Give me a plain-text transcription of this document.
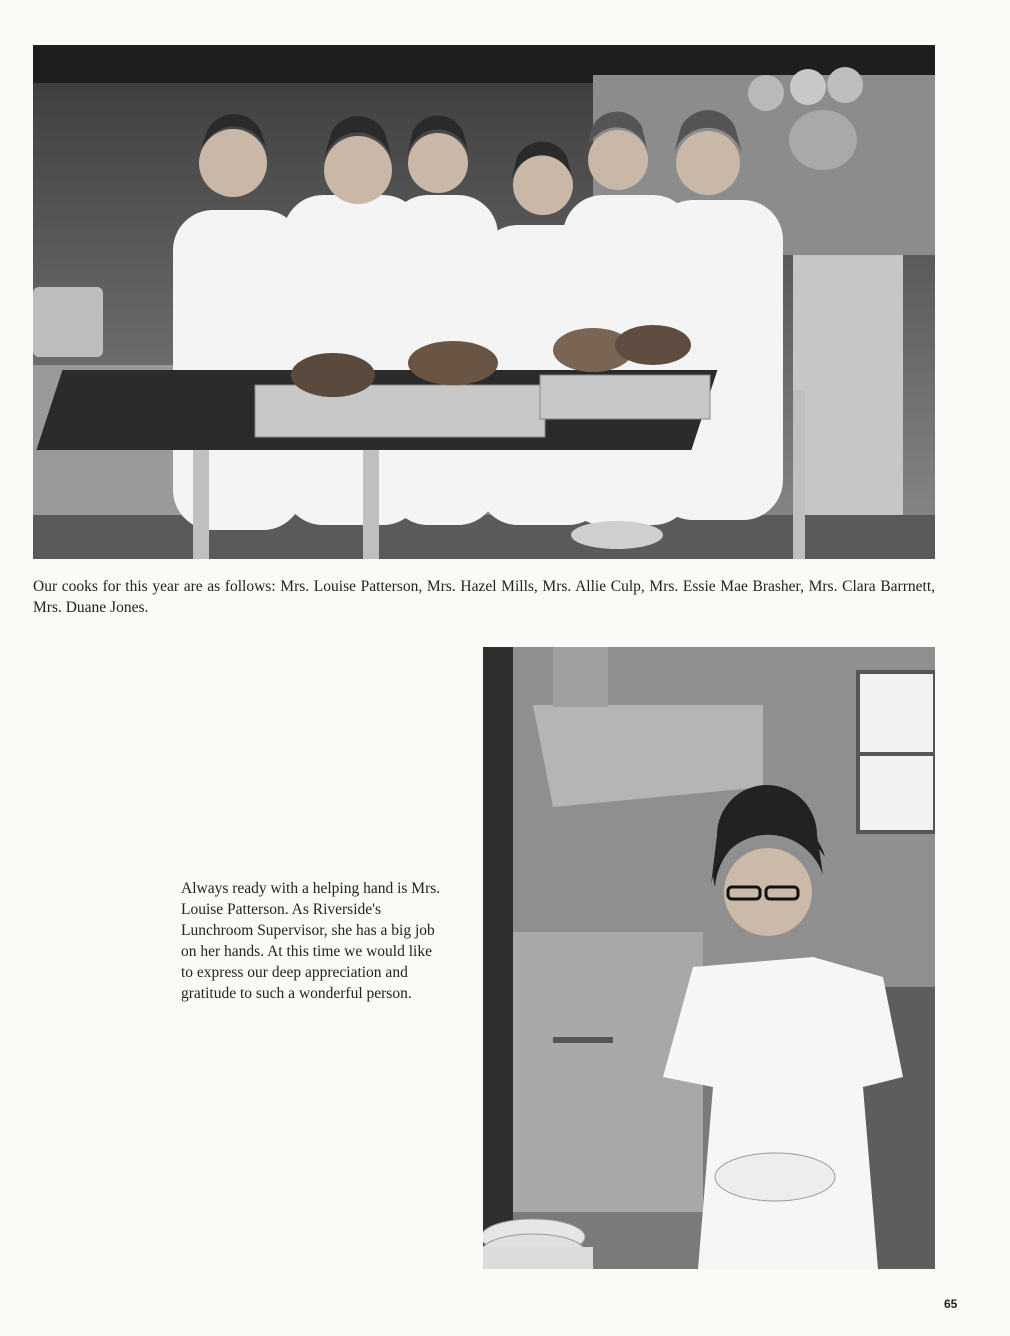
Our cooks for this year are as follows: Mrs. Louise Patterson, Mrs. Hazel Mills, Mrs. Allie Culp, Mrs. Essie Mae Brasher, Mrs. Clara Barrnett, Mrs. Duane Jones.

Always ready with a helping hand is Mrs. Louise Patterson. As Riverside's Lunchroom Supervisor, she has a big job on her hands. At this time we would like to express our deep appreciation and gratitude to such a wonderful person.

65
